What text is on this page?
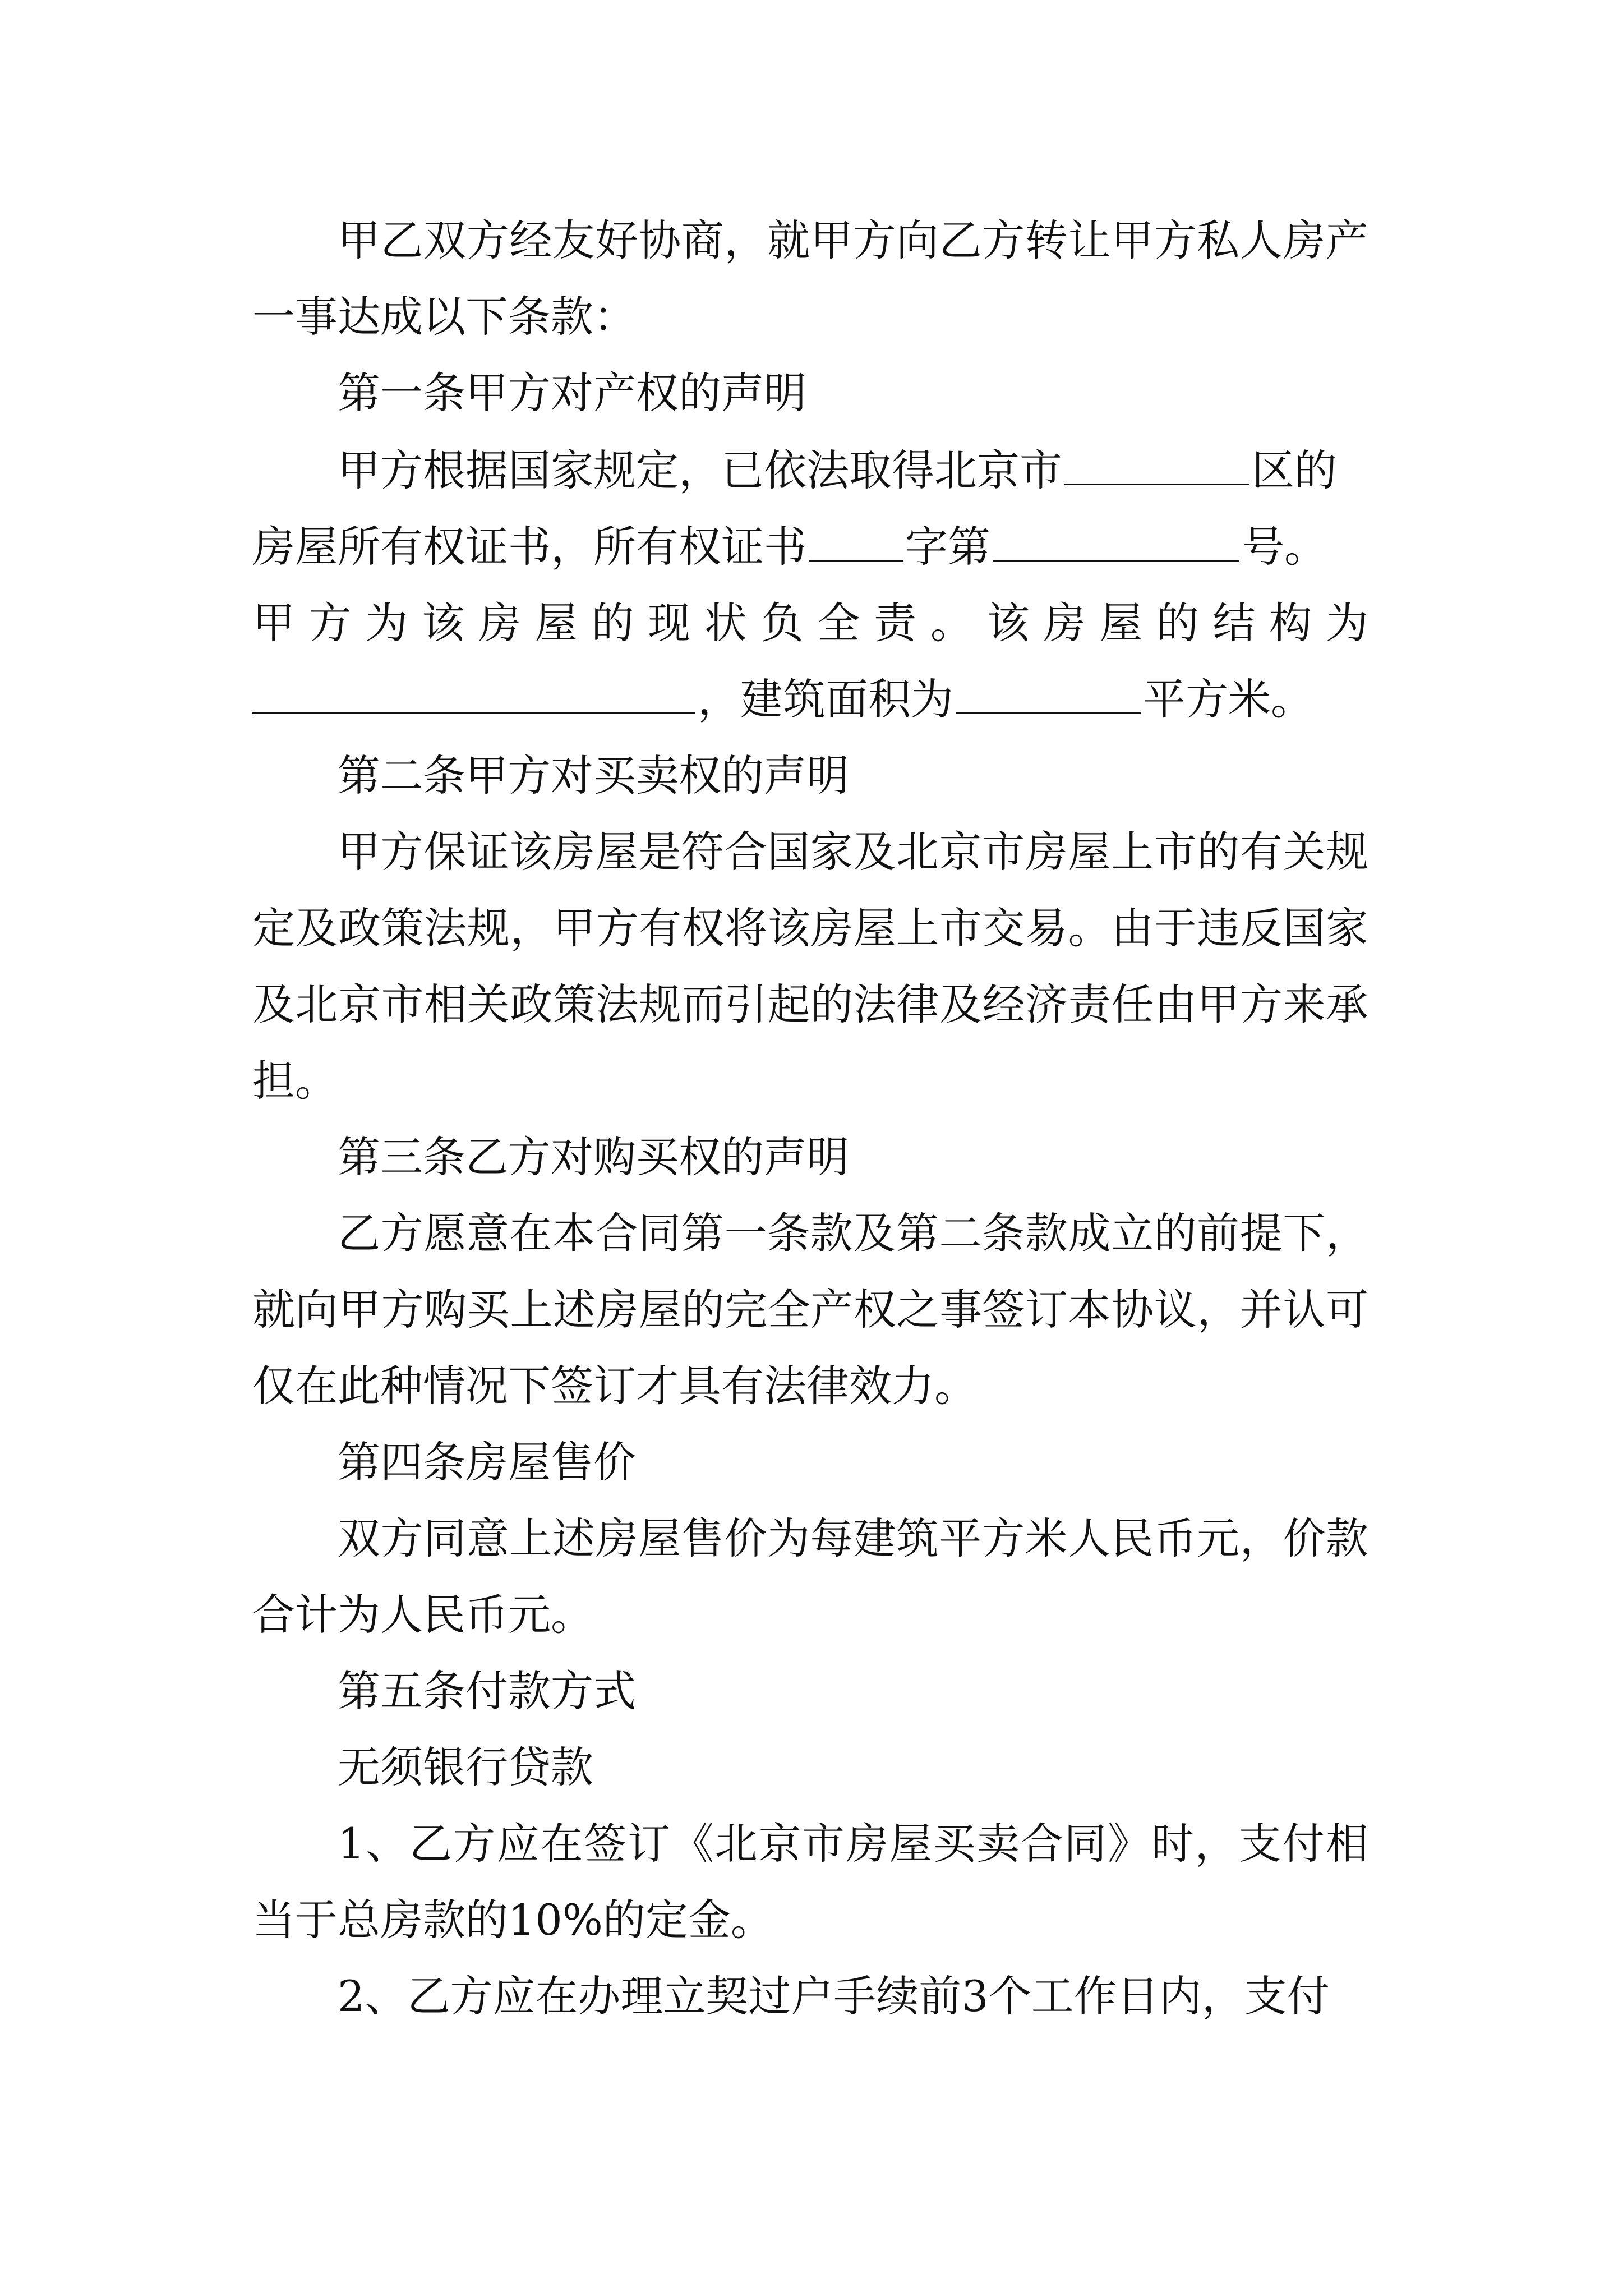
甲乙双方经友好协商，就甲方向乙方转让甲方私人房产一事达成以下条款：

第一条甲方对产权的声明

甲方根据国家规定，已依法取得北京市	区的

房屋所有权证书，所有权证书 字第	号。

甲 方 为 该 房 屋 的 现 状 负 全 责 。 该 房 屋 的 结 构 为

，建筑面积为	平方米。

第二条甲方对买卖权的声明

甲方保证该房屋是符合国家及北京市房屋上市的有关规定及政策法规，甲方有权将该房屋上市交易。由于违反国家及北京市相关政策法规而引起的法律及经济责任由甲方来承担。

第三条乙方对购买权的声明

乙方愿意在本合同第一条款及第二条款成立的前提下，就向甲方购买上述房屋的完全产权之事签订本协议，并认可仅在此种情况下签订才具有法律效力。

第四条房屋售价

双方同意上述房屋售价为每建筑平方米人民币元，价款合计为人民币元。

第五条付款方式

无须银行贷款

1、乙方应在签订《北京市房屋买卖合同》时，支付相当于总房款的10%的定金。

2、乙方应在办理立契过户手续前3个工作日内，支付
